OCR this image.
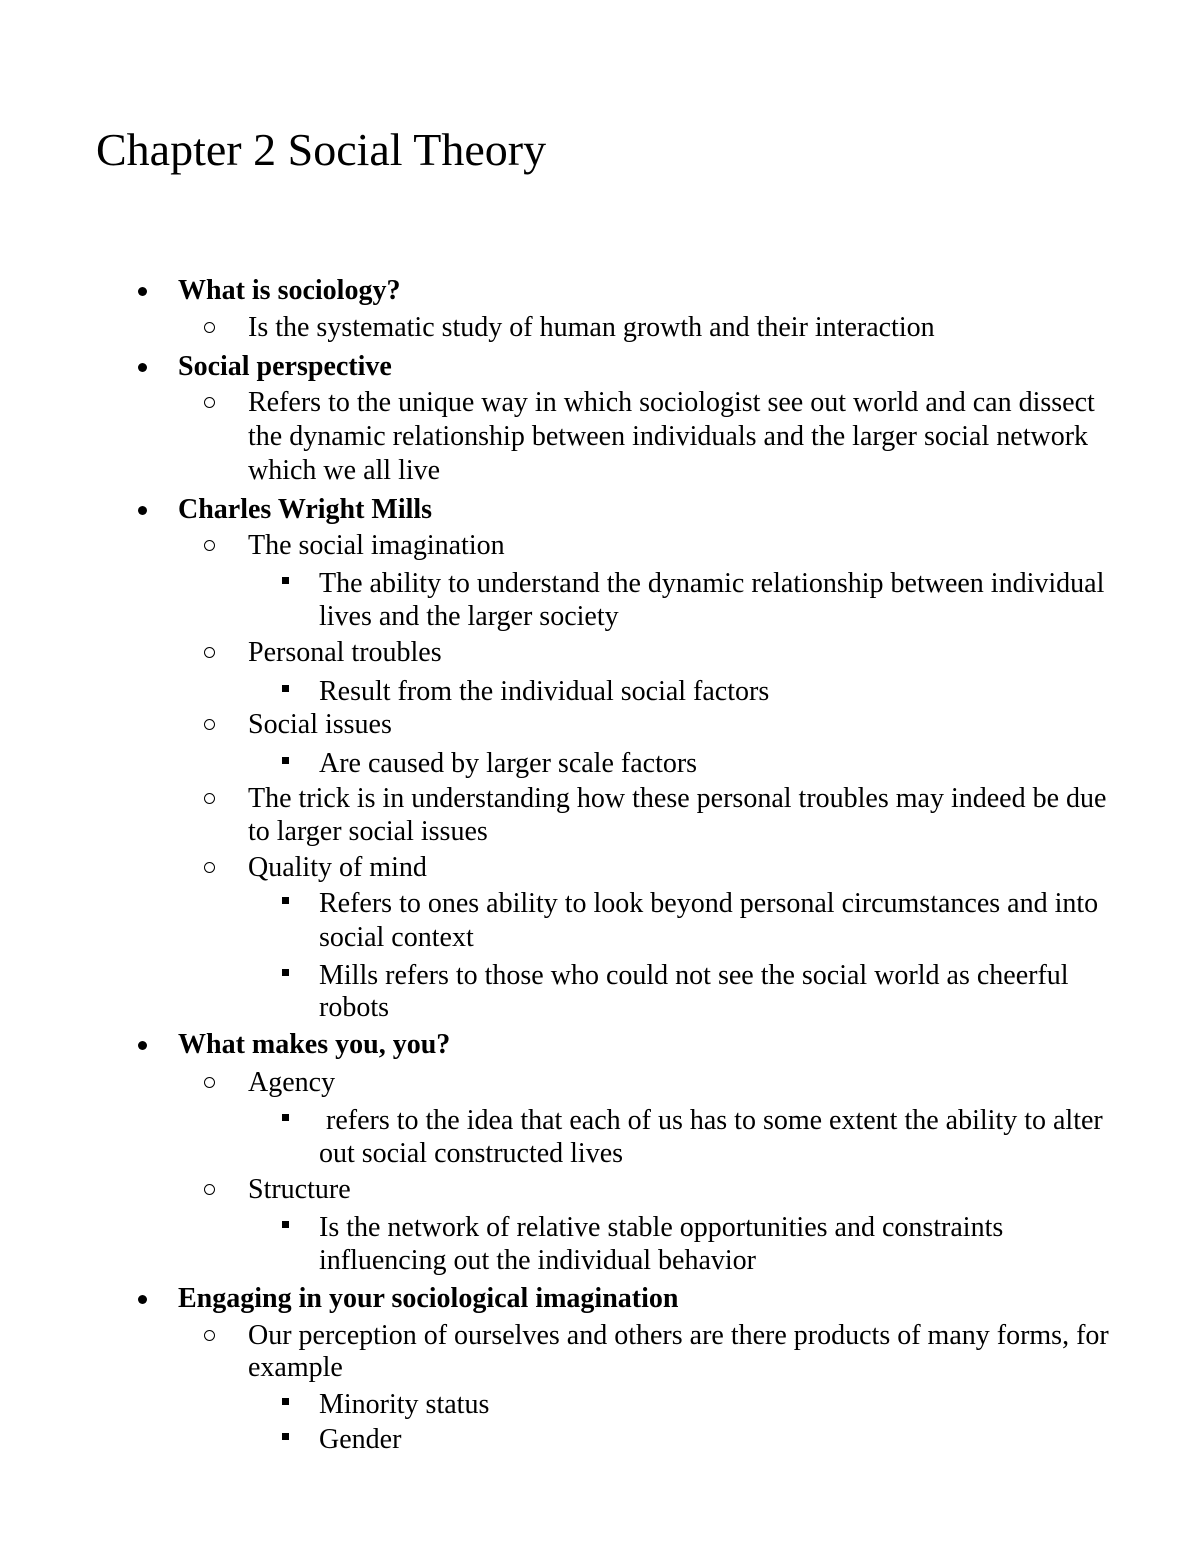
Chapter 2 Social Theory
What is sociology?
Is the systematic study of human growth and their interaction
Social perspective
Refers to the unique way in which sociologist see out world and can dissect
the dynamic relationship between individuals and the larger social network
which we all live
Charles Wright Mills
The social imagination
The ability to understand the dynamic relationship between individual
lives and the larger society
Personal troubles
Result from the individual social factors
Social issues
Are caused by larger scale factors
The trick is in understanding how these personal troubles may indeed be due
to larger social issues
Quality of mind
Refers to ones ability to look beyond personal circumstances and into
social context
Mills refers to those who could not see the social world as cheerful
robots
What makes you, you?
Agency
refers to the idea that each of us has to some extent the ability to alter
out social constructed lives
Structure
Is the network of relative stable opportunities and constraints
influencing out the individual behavior
Engaging in your sociological imagination
Our perception of ourselves and others are there products of many forms, for
example
Minority status
Gender
